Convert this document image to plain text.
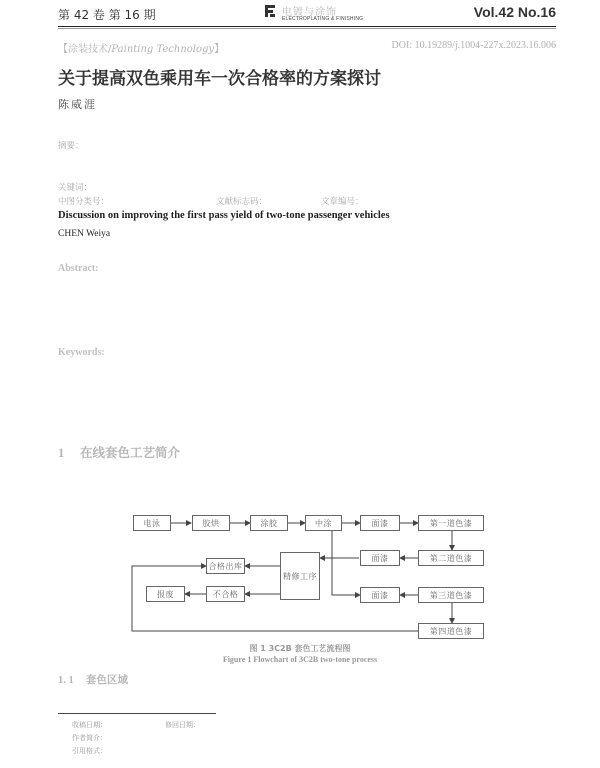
第 42 卷 第 16 期	电镀与涂饰
ELECTROPLATING & FINISHING	Vol.42 No.16
【涂装技术/Painting Technology】	DOI: 10.19289/j.1004-227x.2023.16.006
关于提高双色乘用车一次合格率的方案探讨
陈威涯
摘要：
关键词：
中图分类号：	文献标志码：	文章编号：
Discussion on improving the first pass yield of two-tone passenger vehicles
CHEN Weiya
Abstract:
Keywords:
1 在线套色工艺简介
电泳	胶烘	涂胶	中涂	面漆	第一道色漆
面漆	第二道色漆
精修工序
合格出库
不合格
报废	面漆	第三道色漆
第四道色漆
图 1 3C2B 套色工艺流程图
Figure 1 Flowchart of 3C2B two-tone process
1. 1 套色区域
收稿日期：	修回日期：
作者简介：
引用格式：
